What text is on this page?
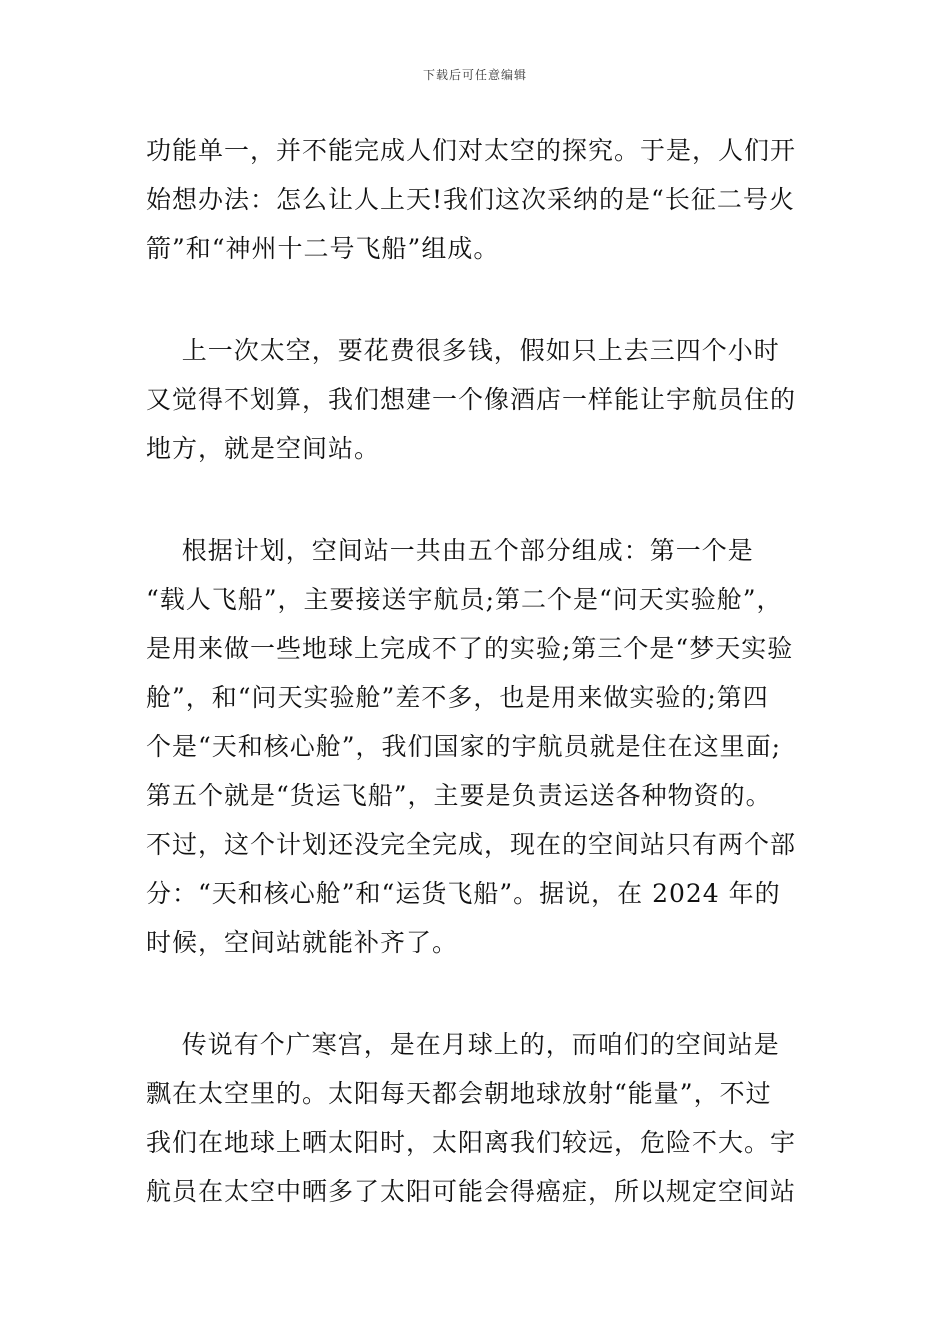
下载后可任意编辑
功能单一，并不能完成人们对太空的探究。于是，人们开
始想办法：怎么让人上天!我们这次采纳的是“长征二号火
箭”和“神州十二号飞船”组成。
上一次太空，要花费很多钱，假如只上去三四个小时
又觉得不划算，我们想建一个像酒店一样能让宇航员住的
地方，就是空间站。
根据计划，空间站一共由五个部分组成：第一个是
“载人飞船”，主要接送宇航员;第二个是“问天实验舱”，
是用来做一些地球上完成不了的实验;第三个是“梦天实验
舱”，和“问天实验舱”差不多，也是用来做实验的;第四
个是“天和核心舱”，我们国家的宇航员就是住在这里面;
第五个就是“货运飞船”，主要是负责运送各种物资的。
不过，这个计划还没完全完成，现在的空间站只有两个部
分：“天和核心舱”和“运货飞船”。据说，在 2024 年的
时候，空间站就能补齐了。
传说有个广寒宫，是在月球上的，而咱们的空间站是
飘在太空里的。太阳每天都会朝地球放射“能量”，不过
我们在地球上晒太阳时，太阳离我们较远，危险不大。宇
航员在太空中晒多了太阳可能会得癌症，所以规定空间站
